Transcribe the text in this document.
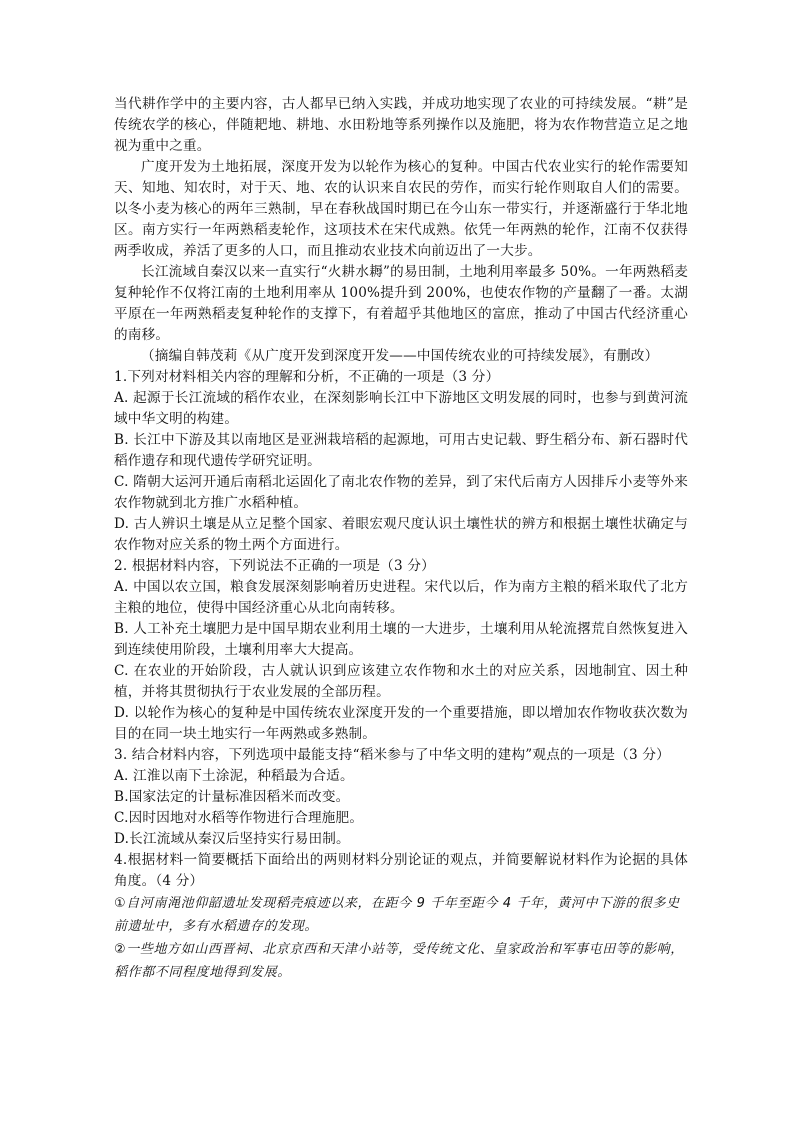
当代耕作学中的主要内容，古人都早已纳入实践，并成功地实现了农业的可持续发展。“耕”是传统农学的核心，伴随耙地、耕地、水田粉地等系列操作以及施肥，将为农作物营造立足之地视为重中之重。

广度开发为土地拓展，深度开发为以轮作为核心的复种。中国古代农业实行的轮作需要知天、知地、知农时，对于天、地、农的认识来自农民的劳作，而实行轮作则取自人们的需要。以冬小麦为核心的两年三熟制，早在春秋战国时期已在今山东一带实行，并逐渐盛行于华北地区。南方实行一年两熟稻麦轮作，这项技术在宋代成熟。依凭一年两熟的轮作，江南不仅获得两季收成，养活了更多的人口，而且推动农业技术向前迈出了一大步。

长江流域自秦汉以来一直实行“火耕水耨”的易田制，土地利用率最多 50%。一年两熟稻麦复种轮作不仅将江南的土地利用率从 100%提升到 200%，也使农作物的产量翻了一番。太湖平原在一年两熟稻麦复种轮作的支撑下，有着超乎其他地区的富庶，推动了中国古代经济重心的南移。

（摘编自韩茂莉《从广度开发到深度开发——中国传统农业的可持续发展》，有删改）

1.下列对材料相关内容的理解和分析，不正确的一项是（3 分）

A. 起源于长江流域的稻作农业，在深刻影响长江中下游地区文明发展的同时，也参与到黄河流域中华文明的构建。

B. 长江中下游及其以南地区是亚洲栽培稻的起源地，可用古史记载、野生稻分布、新石器时代稻作遗存和现代遗传学研究证明。

C. 隋朝大运河开通后南稻北运固化了南北农作物的差异，到了宋代后南方人因排斥小麦等外来农作物就到北方推广水稻种植。

D. 古人辨识土壤是从立足整个国家、着眼宏观尺度认识土壤性状的辨方和根据土壤性状确定与农作物对应关系的物土两个方面进行。

2. 根据材料内容，下列说法不正确的一项是（3 分）

A. 中国以农立国，粮食发展深刻影响着历史进程。宋代以后，作为南方主粮的稻米取代了北方主粮的地位，使得中国经济重心从北向南转移。

B. 人工补充土壤肥力是中国早期农业利用土壤的一大进步，土壤利用从轮流撂荒自然恢复进入到连续使用阶段，土壤利用率大大提高。

C. 在农业的开始阶段，古人就认识到应该建立农作物和水土的对应关系，因地制宜、因土种植，并将其贯彻执行于农业发展的全部历程。

D. 以轮作为核心的复种是中国传统农业深度开发的一个重要措施，即以增加农作物收获次数为目的在同一块土地实行一年两熟或多熟制。

3. 结合材料内容，下列选项中最能支持“稻米参与了中华文明的建构”观点的一项是（3 分）

A. 江淮以南下土涂泥，种稻最为合适。

B.国家法定的计量标准因稻米而改变。

C.因时因地对水稻等作物进行合理施肥。

D.长江流域从秦汉后坚持实行易田制。

4.根据材料一简要概括下面给出的两则材料分别论证的观点，并简要解说材料作为论据的具体角度。（4 分）

①自河南渑池仰韶遗址发现稻壳痕迹以来，在距今 9 千年至距今 4 千年，黄河中下游的很多史前遗址中，多有水稻遗存的发现。

②一些地方如山西晋祠、北京京西和天津小站等，受传统文化、皇家政治和军事屯田等的影响，稻作都不同程度地得到发展。
